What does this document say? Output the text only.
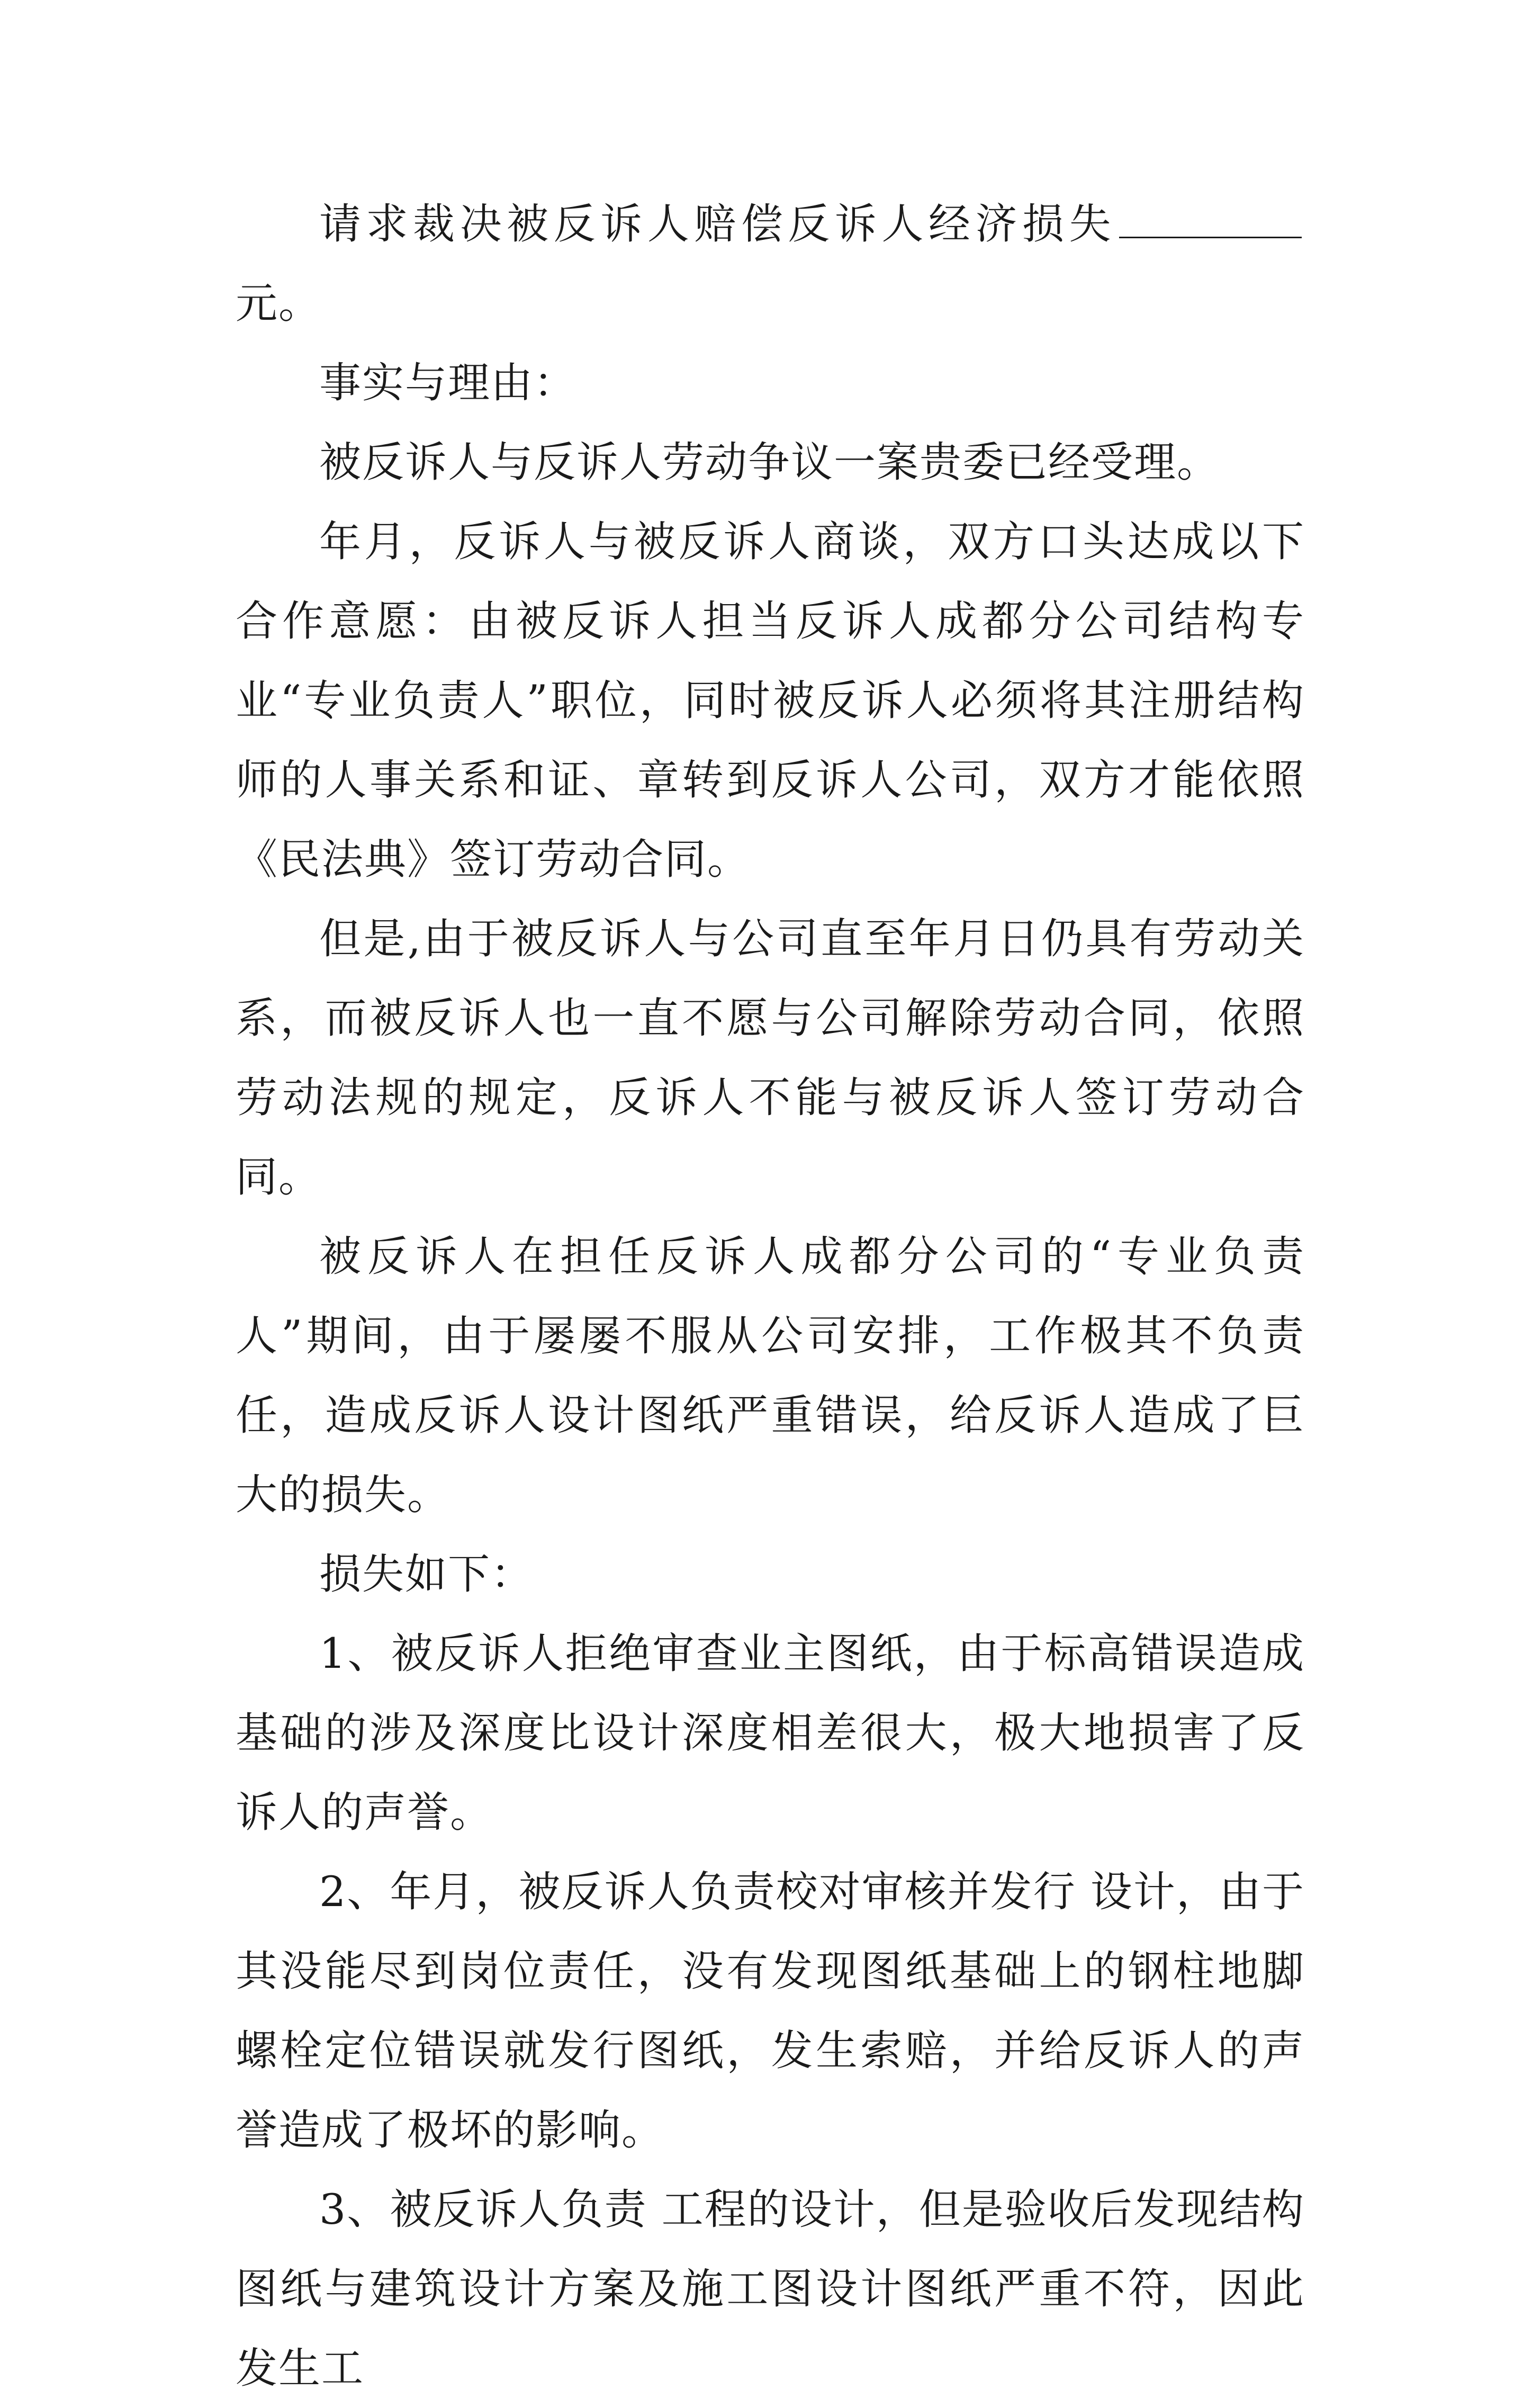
请求裁决被反诉人赔偿反诉人经济损失元。

事实与理由：

被反诉人与反诉人劳动争议一案贵委已经受理。

年月，反诉人与被反诉人商谈，双方口头达成以下合作意愿：由被反诉人担当反诉人成都分公司结构专业“专业负责人”职位，同时被反诉人必须将其注册结构师的人事关系和证、章转到反诉人公司，双方才能依照《民法典》签订劳动合同。

但是,由于被反诉人与公司直至年月日仍具有劳动关系，而被反诉人也一直不愿与公司解除劳动合同，依照劳动法规的规定，反诉人不能与被反诉人签订劳动合同。

被反诉人在担任反诉人成都分公司的“专业负责人”期间，由于屡屡不服从公司安排，工作极其不负责任，造成反诉人设计图纸严重错误，给反诉人造成了巨大的损失。

损失如下：

1、被反诉人拒绝审查业主图纸，由于标高错误造成基础的涉及深度比设计深度相差很大，极大地损害了反诉人的声誉。

2、年月，被反诉人负责校对审核并发行 设计，由于其没能尽到岗位责任，没有发现图纸基础上的钢柱地脚螺栓定位错误就发行图纸，发生索赔，并给反诉人的声誉造成了极坏的影响。

3、被反诉人负责 工程的设计，但是验收后发现结构图纸与建筑设计方案及施工图设计图纸严重不符，因此发生工
